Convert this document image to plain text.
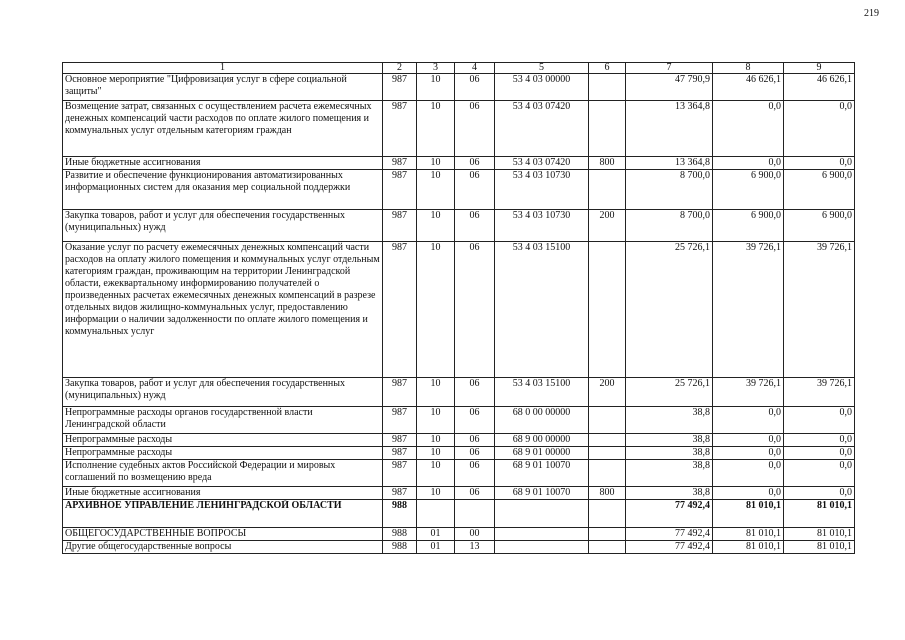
219
1	2	3	4	5	6	7	8	9
Основное мероприятие "Цифровизация услуг в сфере социальной защиты"	987	10	06	53 4 03 00000		47 790,9	46 626,1	46 626,1
Возмещение затрат, связанных с осуществлением расчета ежемесячных денежных компенсаций части расходов по оплате жилого помещения и коммунальных услуг отдельным категориям граждан	987	10	06	53 4 03 07420		13 364,8	0,0	0,0
Иные бюджетные ассигнования	987	10	06	53 4 03 07420	800	13 364,8	0,0	0,0
Развитие и обеспечение функционирования автоматизированных информационных систем для оказания мер социальной поддержки	987	10	06	53 4 03 10730		8 700,0	6 900,0	6 900,0
Закупка товаров, работ и услуг для обеспечения государственных (муниципальных) нужд	987	10	06	53 4 03 10730	200	8 700,0	6 900,0	6 900,0
Оказание услуг по расчету ежемесячных денежных компенсаций части расходов на оплату жилого помещения и коммунальных услуг отдельным категориям граждан, проживающим на территории Ленинградской области, ежеквартальному информированию получателей о произведенных расчетах ежемесячных денежных компенсаций в разрезе отдельных видов жилищно-коммунальных услуг, предоставлению информации о наличии задолженности по оплате жилого помещения и коммунальных услуг	987	10	06	53 4 03 15100		25 726,1	39 726,1	39 726,1
Закупка товаров, работ и услуг для обеспечения государственных (муниципальных) нужд	987	10	06	53 4 03 15100	200	25 726,1	39 726,1	39 726,1
Непрограммные расходы органов государственной власти Ленинградской области	987	10	06	68 0 00 00000		38,8	0,0	0,0
Непрограммные расходы	987	10	06	68 9 00 00000		38,8	0,0	0,0
Непрограммные расходы	987	10	06	68 9 01 00000		38,8	0,0	0,0
Исполнение судебных актов Российской Федерации и мировых соглашений по возмещению вреда	987	10	06	68 9 01 10070		38,8	0,0	0,0
Иные бюджетные ассигнования	987	10	06	68 9 01 10070	800	38,8	0,0	0,0
АРХИВНОЕ УПРАВЛЕНИЕ ЛЕНИНГРАДСКОЙ ОБЛАСТИ	988					77 492,4	81 010,1	81 010,1
ОБЩЕГОСУДАРСТВЕННЫЕ ВОПРОСЫ	988	01	00			77 492,4	81 010,1	81 010,1
Другие общегосударственные вопросы	988	01	13			77 492,4	81 010,1	81 010,1
